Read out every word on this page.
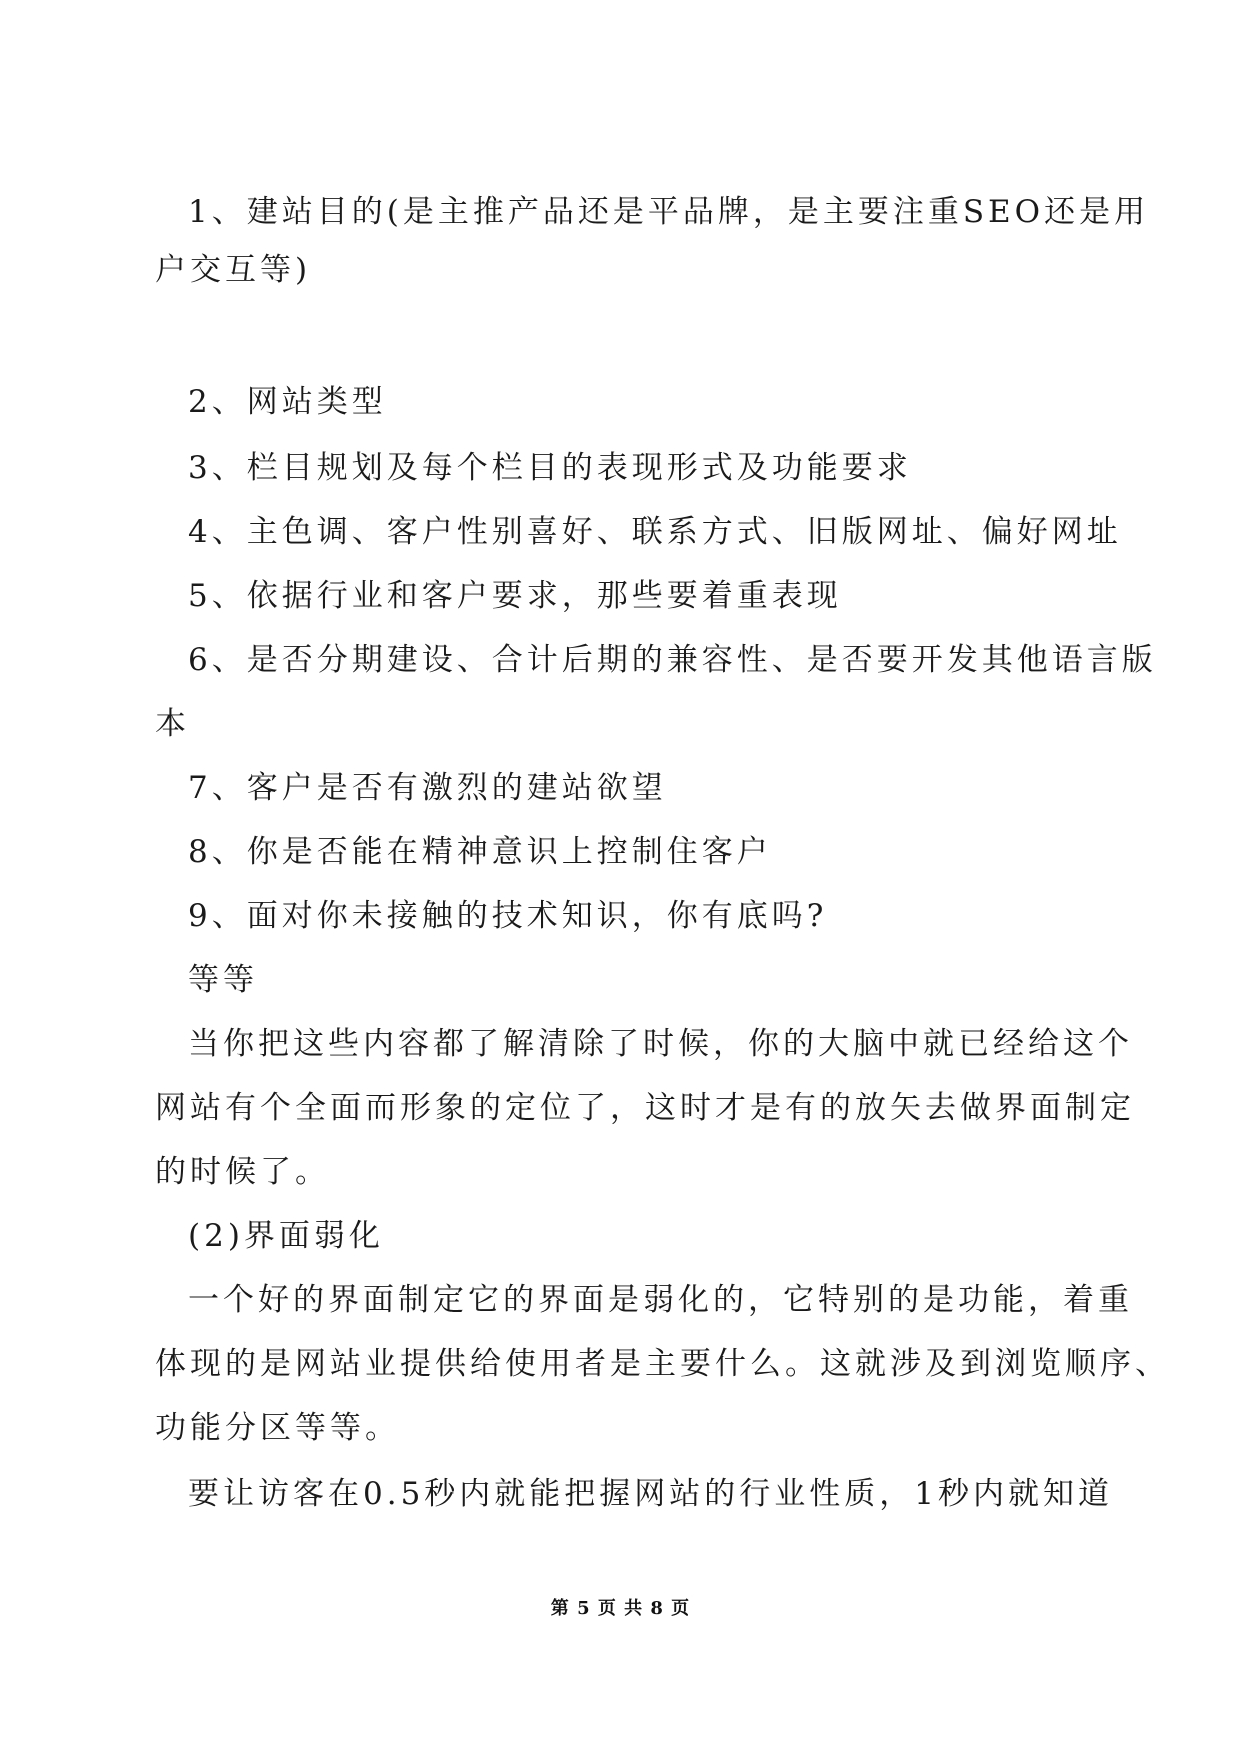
1、建站目的(是主推产品还是平品牌，是主要注重SEO还是用
户交互等)
2、网站类型
3、栏目规划及每个栏目的表现形式及功能要求
4、主色调、客户性别喜好、联系方式、旧版网址、偏好网址
5、依据行业和客户要求，那些要着重表现
6、是否分期建设、合计后期的兼容性、是否要开发其他语言版
本
7、客户是否有激烈的建站欲望
8、你是否能在精神意识上控制住客户
9、面对你未接触的技术知识，你有底吗?
等等
当你把这些内容都了解清除了时候，你的大脑中就已经给这个
网站有个全面而形象的定位了，这时才是有的放矢去做界面制定
的时候了。
(2)界面弱化
一个好的界面制定它的界面是弱化的，它特别的是功能，着重
体现的是网站业提供给使用者是主要什么。这就涉及到浏览顺序、
功能分区等等。
要让访客在0.5秒内就能把握网站的行业性质，1秒内就知道
第 5 页 共 8 页
